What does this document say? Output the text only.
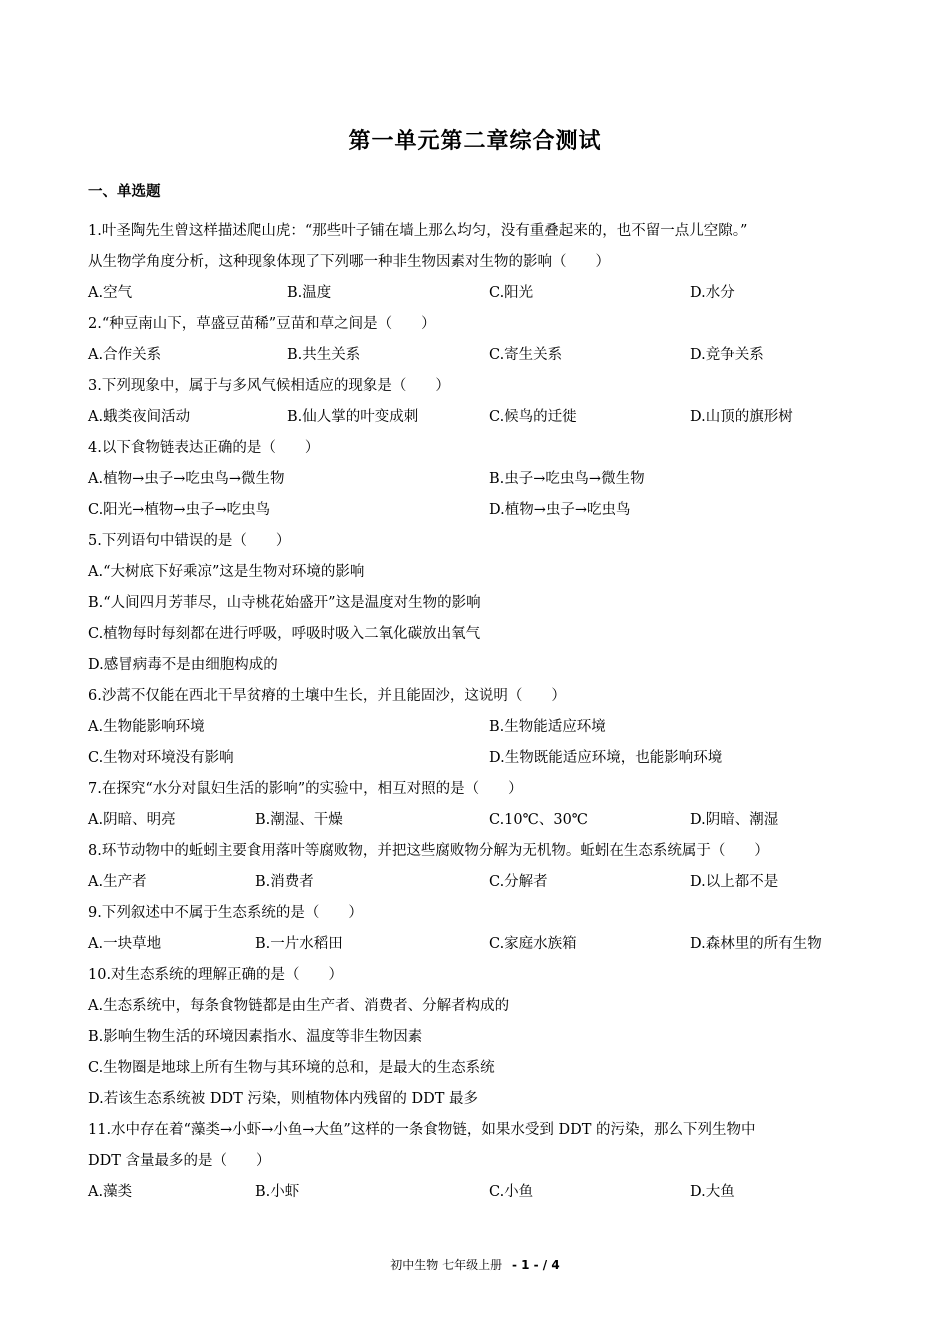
第一单元第二章综合测试
一、单选题
1.叶圣陶先生曾这样描述爬山虎：“那些叶子铺在墙上那么均匀，没有重叠起来的，也不留一点儿空隙。”
从生物学角度分析，这种现象体现了下列哪一种非生物因素对生物的影响（　　）
A.空气	B.温度	C.阳光	D.水分
2.“种豆南山下，草盛豆苗稀”豆苗和草之间是（　　）
A.合作关系	B.共生关系	C.寄生关系	D.竞争关系
3.下列现象中，属于与多风气候相适应的现象是（　　）
A.蛾类夜间活动	B.仙人掌的叶变成刺	C.候鸟的迁徙	D.山顶的旗形树
4.以下食物链表达正确的是（　　）
A.植物→虫子→吃虫鸟→微生物	B.虫子→吃虫鸟→微生物
C.阳光→植物→虫子→吃虫鸟	D.植物→虫子→吃虫鸟
5.下列语句中错误的是（　　）
A.“大树底下好乘凉”这是生物对环境的影响
B.“人间四月芳菲尽，山寺桃花始盛开”这是温度对生物的影响
C.植物每时每刻都在进行呼吸，呼吸时吸入二氧化碳放出氧气
D.感冒病毒不是由细胞构成的
6.沙蒿不仅能在西北干旱贫瘠的土壤中生长，并且能固沙，这说明（　　）
A.生物能影响环境	B.生物能适应环境
C.生物对环境没有影响	D.生物既能适应环境，也能影响环境
7.在探究“水分对鼠妇生活的影响”的实验中，相互对照的是（　　）
A.阴暗、明亮	B.潮湿、干燥	C.10℃、30℃	D.阴暗、潮湿
8.环节动物中的蚯蚓主要食用落叶等腐败物，并把这些腐败物分解为无机物。蚯蚓在生态系统属于（　　）
A.生产者	B.消费者	C.分解者	D.以上都不是
9.下列叙述中不属于生态系统的是（　　）
A.一块草地	B.一片水稻田	C.家庭水族箱	D.森林里的所有生物
10.对生态系统的理解正确的是（　　）
A.生态系统中，每条食物链都是由生产者、消费者、分解者构成的
B.影响生物生活的环境因素指水、温度等非生物因素
C.生物圈是地球上所有生物与其环境的总和，是最大的生态系统
D.若该生态系统被 DDT 污染，则植物体内残留的 DDT 最多
11.水中存在着“藻类→小虾→小鱼→大鱼”这样的一条食物链，如果水受到 DDT 的污染，那么下列生物中
DDT 含量最多的是（　　）
A.藻类	B.小虾	C.小鱼	D.大鱼
初中生物 七年级上册 - 1 - / 4
